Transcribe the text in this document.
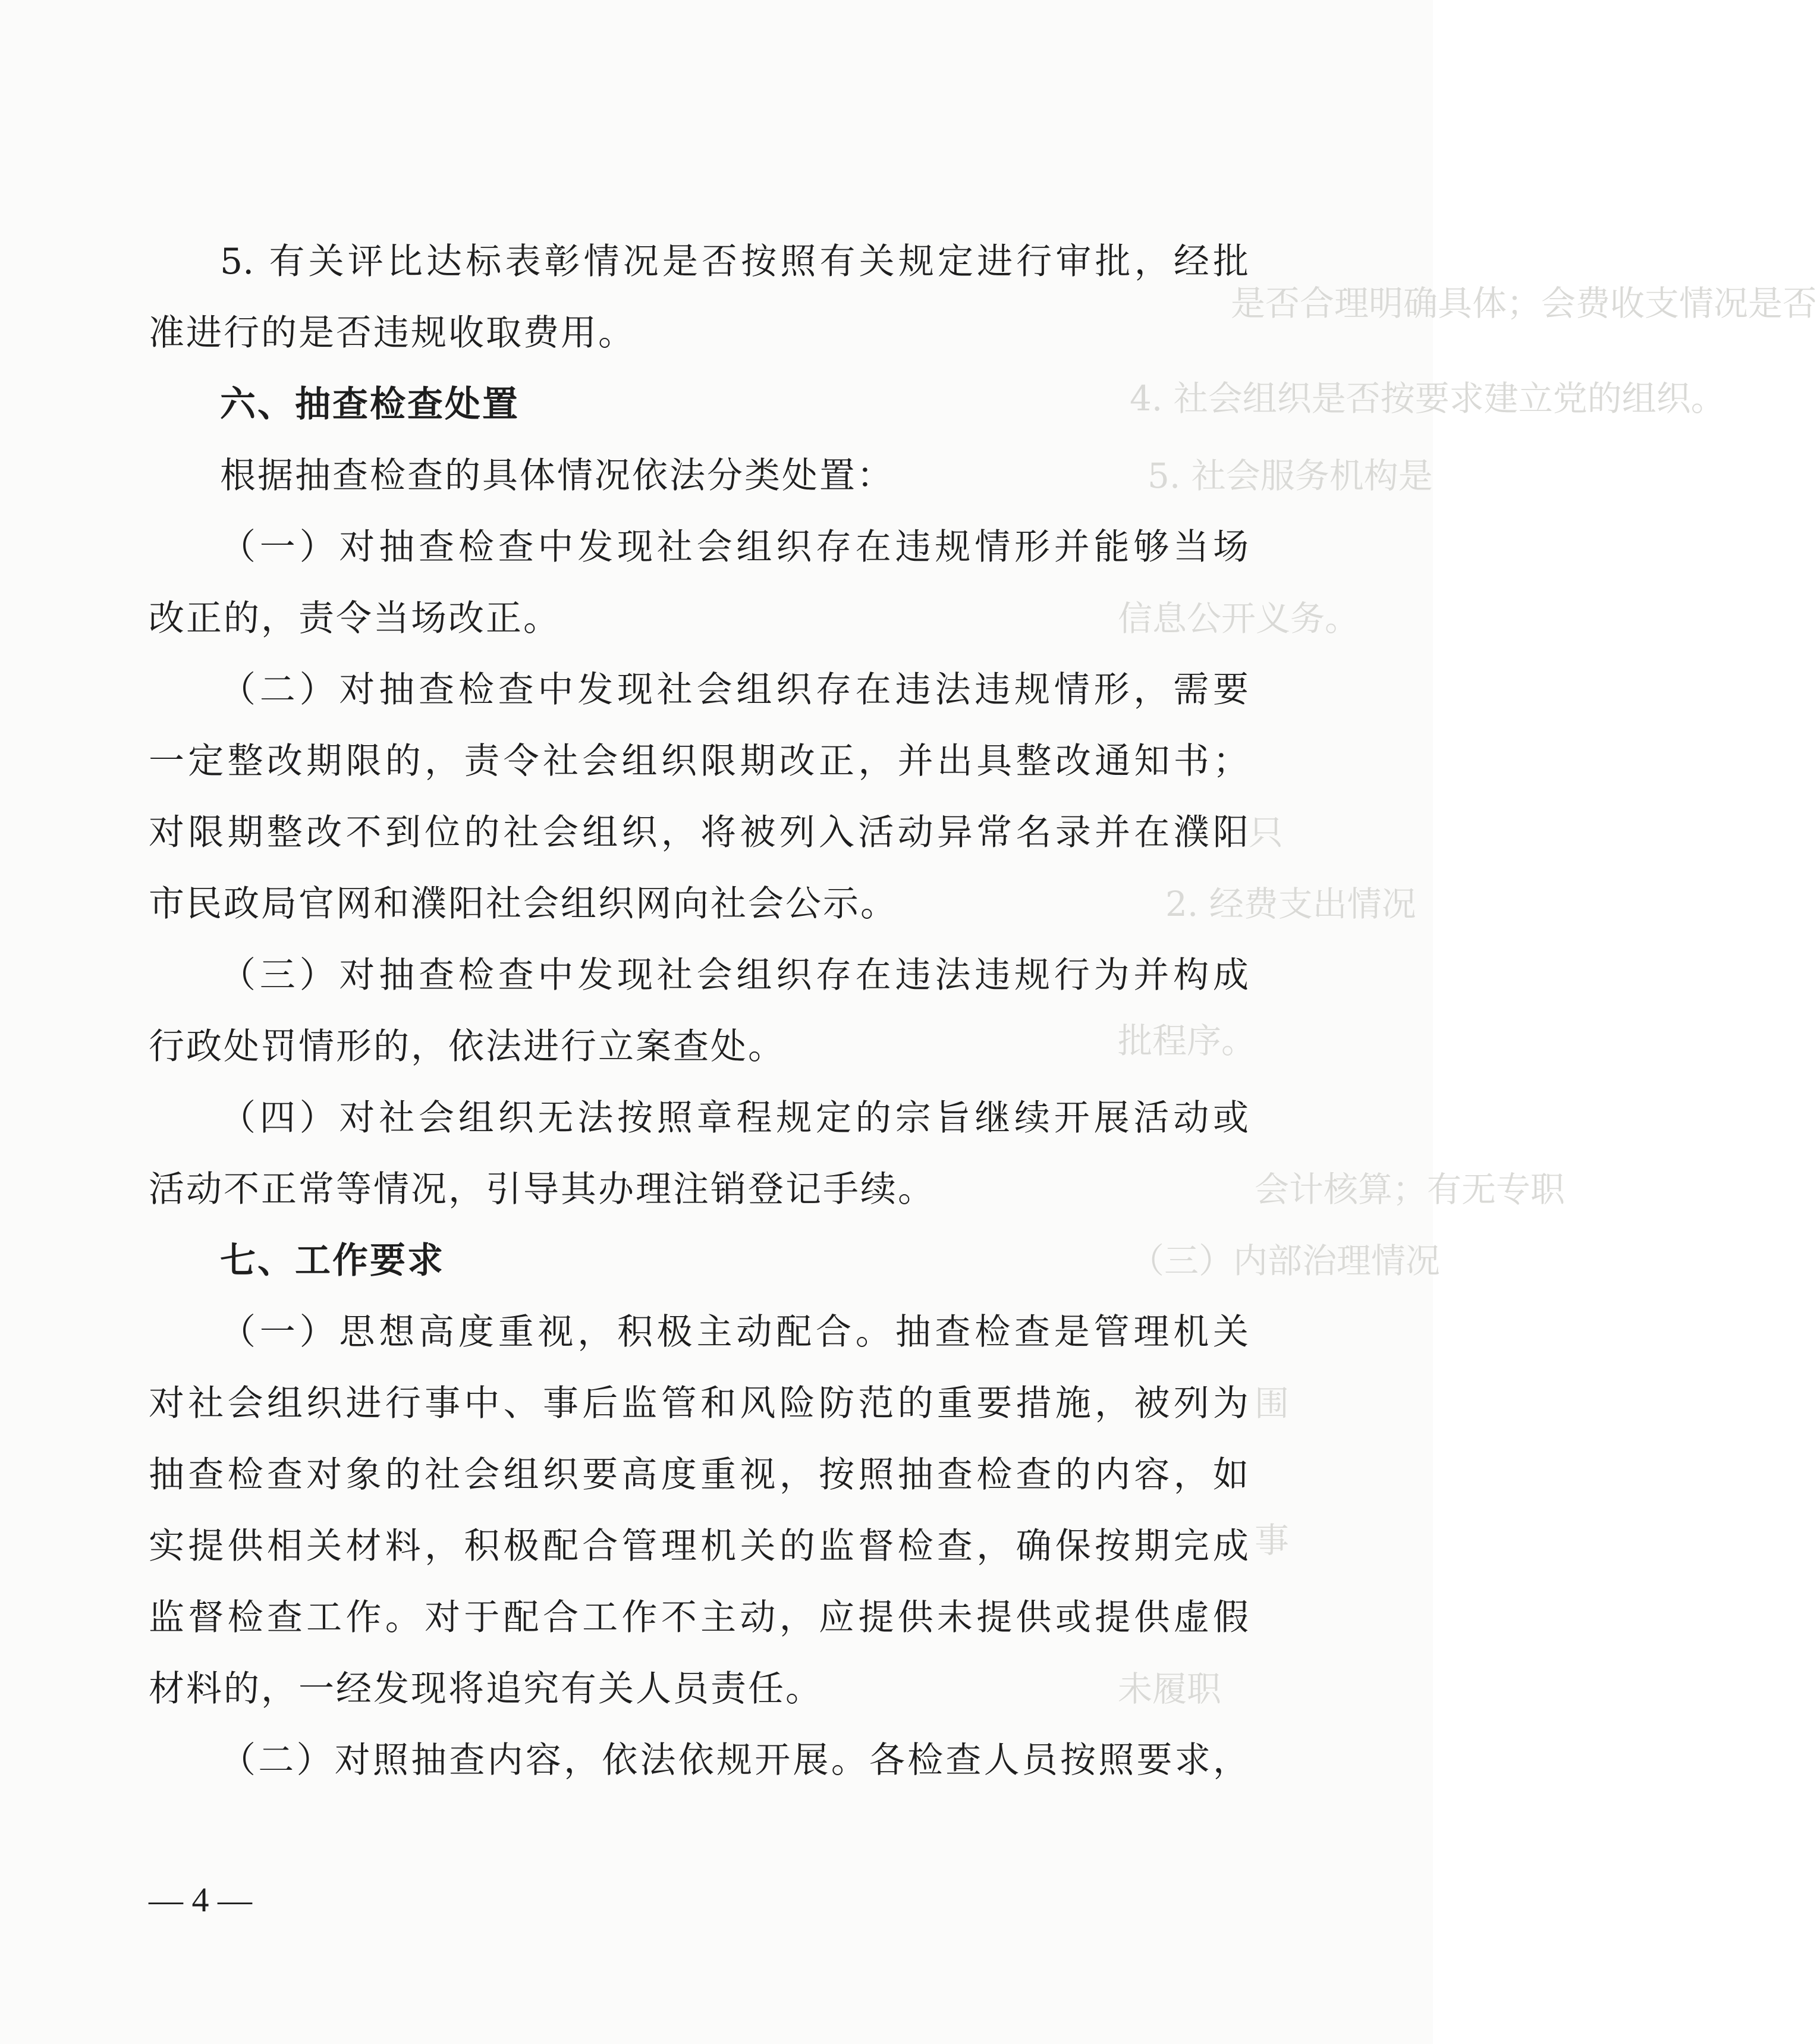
是否合理明确具体；会费收支情况是否
4. 社会组织是否按要求建立党的组织。
5. 社会服务机构是
信息公开义务。
只
2. 经费支出情况
批程序。
会计核算；有无专职
（三）内部治理情况
围
事
未履职
5. 有关评比达标表彰情况是否按照有关规定进行审批，经批
准进行的是否违规收取费用。
六、抽查检查处置
根据抽查检查的具体情况依法分类处置：
（一）对抽查检查中发现社会组织存在违规情形并能够当场
改正的，责令当场改正。
（二）对抽查检查中发现社会组织存在违法违规情形，需要
一定整改期限的，责令社会组织限期改正，并出具整改通知书；
对限期整改不到位的社会组织，将被列入活动异常名录并在濮阳
市民政局官网和濮阳社会组织网向社会公示。
（三）对抽查检查中发现社会组织存在违法违规行为并构成
行政处罚情形的，依法进行立案查处。
（四）对社会组织无法按照章程规定的宗旨继续开展活动或
活动不正常等情况，引导其办理注销登记手续。
七、工作要求
（一）思想高度重视，积极主动配合。抽查检查是管理机关
对社会组织进行事中、事后监管和风险防范的重要措施，被列为
抽查检查对象的社会组织要高度重视，按照抽查检查的内容，如
实提供相关材料，积极配合管理机关的监督检查，确保按期完成
监督检查工作。对于配合工作不主动，应提供未提供或提供虚假
材料的，一经发现将追究有关人员责任。
（二）对照抽查内容，依法依规开展。各检查人员按照要求，
— 4 —
